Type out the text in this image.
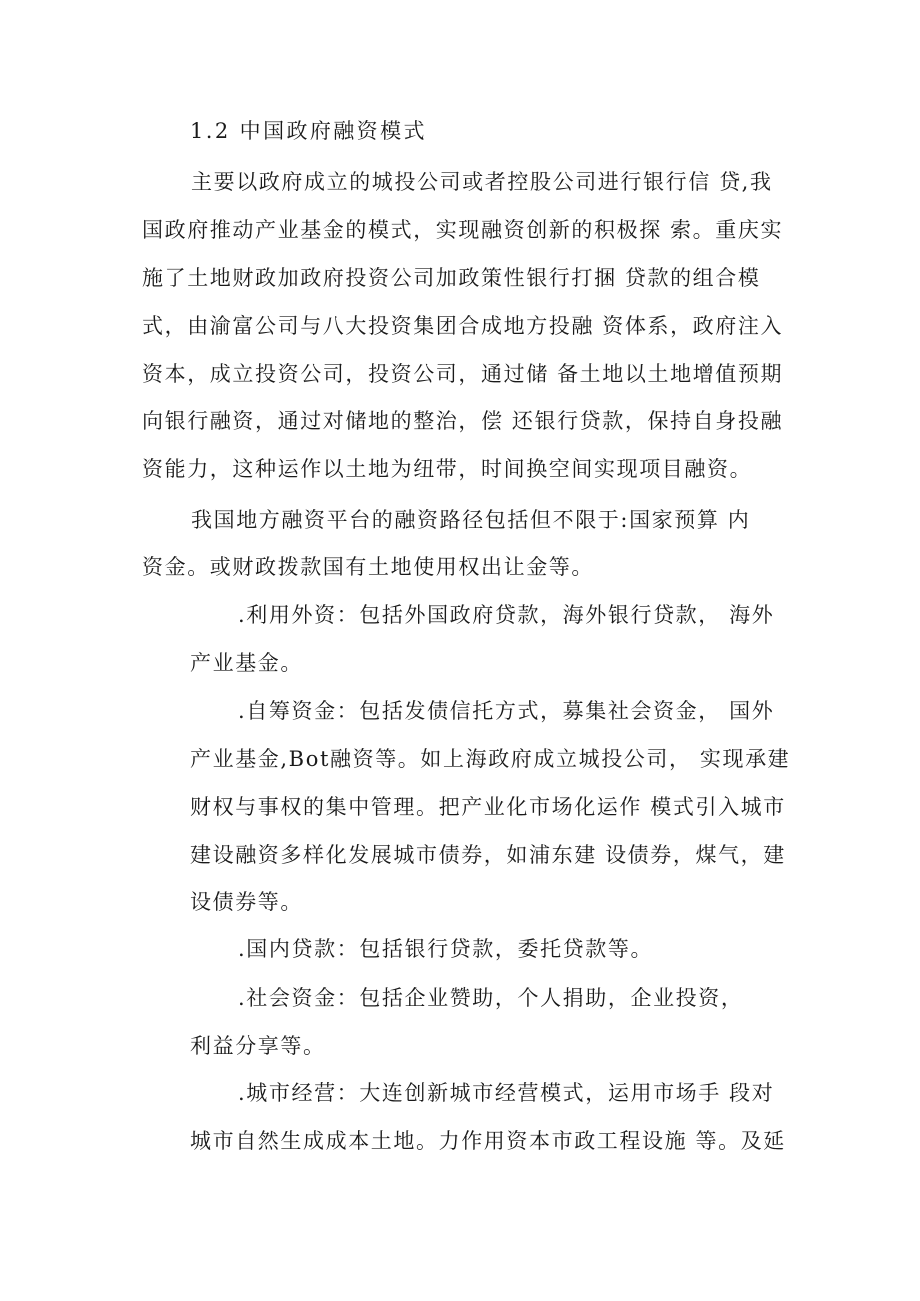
1.2 中国政府融资模式
主要以政府成立的城投公司或者控股公司进行银行信 贷,我
国政府推动产业基金的模式，实现融资创新的积极探 索。重庆实
施了土地财政加政府投资公司加政策性银行打捆 贷款的组合模
式，由渝富公司与八大投资集团合成地方投融 资体系，政府注入
资本，成立投资公司，投资公司，通过储 备土地以土地增值预期
向银行融资，通过对储地的整治，偿 还银行贷款，保持自身投融
资能力，这种运作以土地为纽带，时间换空间实现项目融资。
我国地方融资平台的融资路径包括但不限于:国家预算 内
资金。或财政拨款国有土地使用权出让金等。
.利用外资：包括外国政府贷款，海外银行贷款， 海外
产业基金。
.自筹资金：包括发债信托方式，募集社会资金， 国外
产业基金,Bot融资等。如上海政府成立城投公司， 实现承建
财权与事权的集中管理。把产业化市场化运作 模式引入城市
建设融资多样化发展城市债券，如浦东建 设债券，煤气，建
设债券等。
.国内贷款：包括银行贷款，委托贷款等。
.社会资金：包括企业赞助，个人捐助，企业投资，
利益分享等。
.城市经营：大连创新城市经营模式，运用市场手 段对
城市自然生成成本土地。力作用资本市政工程设施 等。及延
